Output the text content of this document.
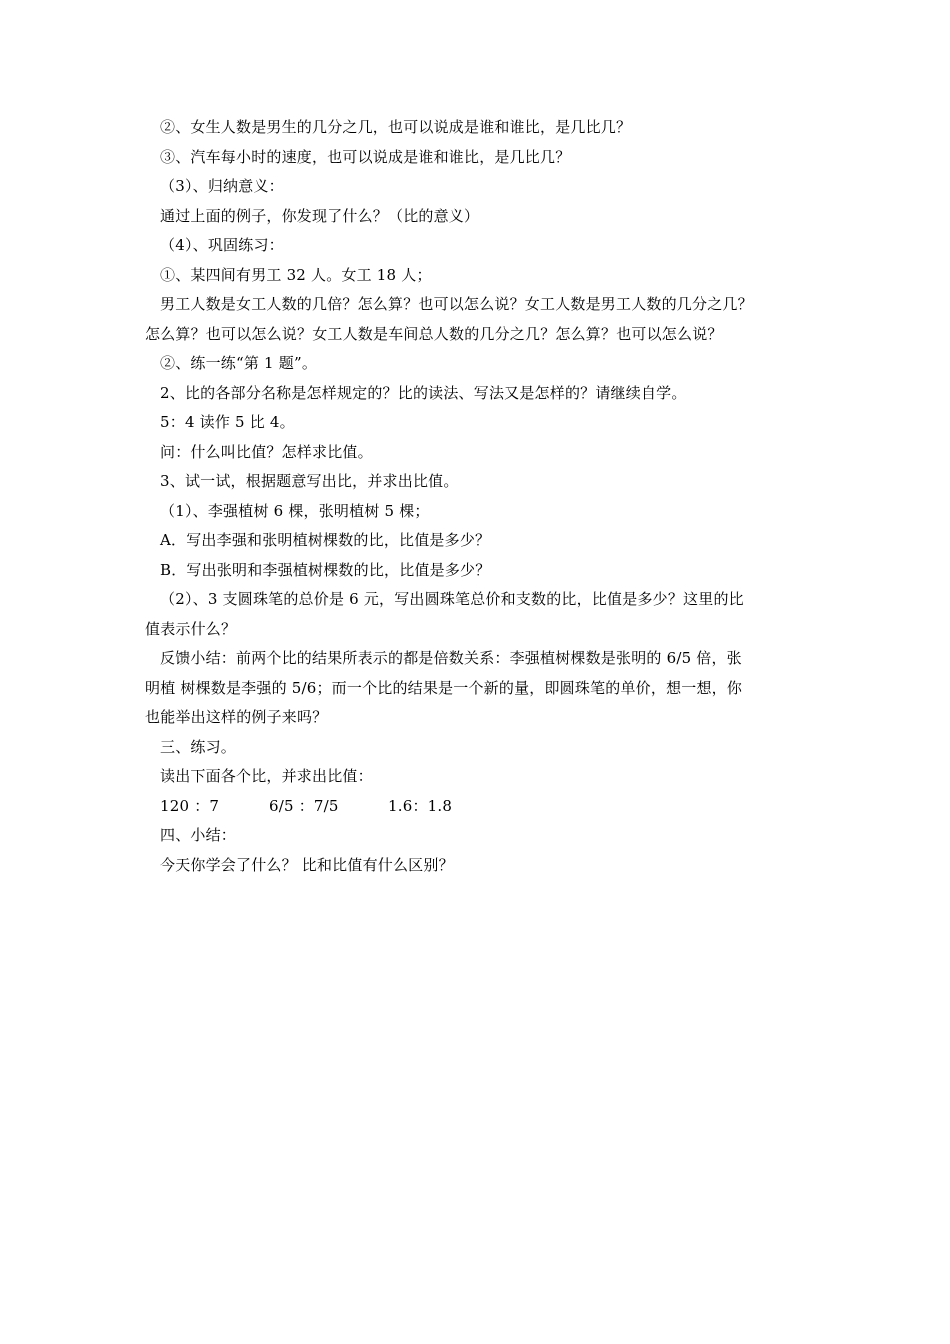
②、女生人数是男生的几分之几，也可以说成是谁和谁比，是几比几？
③、汽车每小时的速度，也可以说成是谁和谁比，是几比几？
（3）、归纳意义：
通过上面的例子，你发现了什么？（比的意义）
（4）、巩固练习：
①、某四间有男工 32 人。女工 18 人；
男工人数是女工人数的几倍？怎么算？也可以怎么说？女工人数是男工人数的几分之几？
怎么算？也可以怎么说？女工人数是车间总人数的几分之几？怎么算？也可以怎么说？
②、练一练“第 1 题”。
2、比的各部分名称是怎样规定的？比的读法、写法又是怎样的？请继续自学。
5：4 读作 5 比 4。
问：什么叫比值？怎样求比值。
3、试一试，根据题意写出比，并求出比值。
（1）、李强植树 6 棵，张明植树 5 棵；
A．写出李强和张明植树棵数的比，比值是多少？
B．写出张明和李强植树棵数的比，比值是多少？
（2）、3 支圆珠笔的总价是 6 元，写出圆珠笔总价和支数的比，比值是多少？这里的比
值表示什么？
反馈小结：前两个比的结果所表示的都是倍数关系：李强植树棵数是张明的 6/5 倍，张
明植 树棵数是李强的 5/6；而一个比的结果是一个新的量，即圆珠笔的单价，想一想，你
也能举出这样的例子来吗？
三、练习。
读出下面各个比，并求出比值：
120 ：7	6/5 ：7/5	1.6：1.8
四、小结：
今天你学会了什么？ 比和比值有什么区别？
